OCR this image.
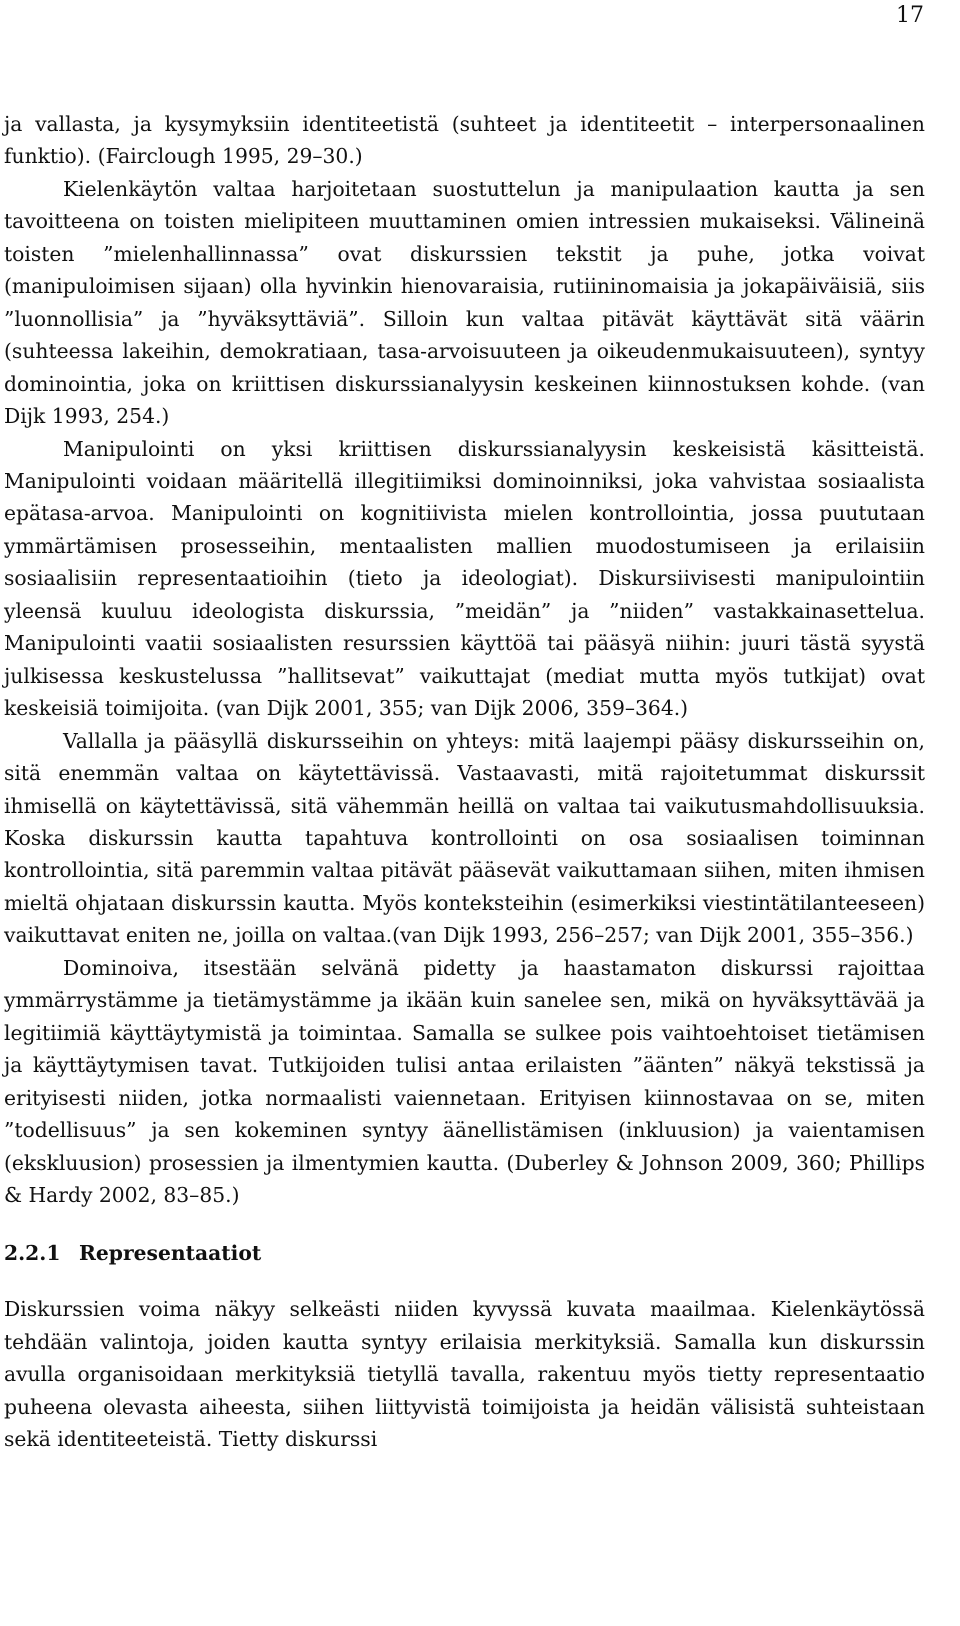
17

ja vallasta, ja kysymyksiin identiteetistä (suhteet ja identiteetit – interpersonaalinen funktio). (Fairclough 1995, 29–30.)

Kielenkäytön valtaa harjoitetaan suostuttelun ja manipulaation kautta ja sen tavoitteena on toisten mielipiteen muuttaminen omien intressien mukaiseksi. Välineinä toisten ”mielenhallinnassa” ovat diskurssien tekstit ja puhe, jotka voivat (manipuloimisen sijaan) olla hyvinkin hienovaraisia, rutiininomaisia ja jokapäiväisiä, siis ”luonnollisia” ja ”hyväksyttäviä”. Silloin kun valtaa pitävät käyttävät sitä väärin (suhteessa lakeihin, demokratiaan, tasa-arvoisuuteen ja oikeudenmukaisuuteen), syntyy dominointia, joka on kriittisen diskurssianalyysin keskeinen kiinnostuksen kohde. (van Dijk 1993, 254.)

Manipulointi on yksi kriittisen diskurssianalyysin keskeisistä käsitteistä. Manipulointi voidaan määritellä illegitiimiksi dominoinniksi, joka vahvistaa sosiaalista epätasa-arvoa. Manipulointi on kognitiivista mielen kontrollointia, jossa puututaan ymmärtämisen prosesseihin, mentaalisten mallien muodostumiseen ja erilaisiin sosiaalisiin representaatioihin (tieto ja ideologiat). Diskursiivisesti manipulointiin yleensä kuuluu ideologista diskurssia, ”meidän” ja ”niiden” vastakkainasettelua. Manipulointi vaatii sosiaalisten resurssien käyttöä tai pääsyä niihin: juuri tästä syystä julkisessa keskustelussa ”hallitsevat” vaikuttajat (mediat mutta myös tutkijat) ovat keskeisiä toimijoita. (van Dijk 2001, 355; van Dijk 2006, 359–364.)

Vallalla ja pääsyllä diskursseihin on yhteys: mitä laajempi pääsy diskursseihin on, sitä enemmän valtaa on käytettävissä. Vastaavasti, mitä rajoitetummat diskurssit ihmisellä on käytettävissä, sitä vähemmän heillä on valtaa tai vaikutusmahdollisuuksia. Koska diskurssin kautta tapahtuva kontrollointi on osa sosiaalisen toiminnan kontrollointia, sitä paremmin valtaa pitävät pääsevät vaikuttamaan siihen, miten ihmisen mieltä ohjataan diskurssin kautta. Myös konteksteihin (esimerkiksi viestintätilanteeseen) vaikuttavat eniten ne, joilla on valtaa.(van Dijk 1993, 256–257; van Dijk 2001, 355–356.)

Dominoiva, itsestään selvänä pidetty ja haastamaton diskurssi rajoittaa ymmärrystämme ja tietämystämme ja ikään kuin sanelee sen, mikä on hyväksyttävää ja legitiimiä käyttäytymistä ja toimintaa. Samalla se sulkee pois vaihtoehtoiset tietämisen ja käyttäytymisen tavat. Tutkijoiden tulisi antaa erilaisten ”äänten” näkyä tekstissä ja erityisesti niiden, jotka normaalisti vaiennetaan. Erityisen kiinnostavaa on se, miten ”todellisuus” ja sen kokeminen syntyy äänellistämisen (inkluusion) ja vaientamisen (ekskluusion) prosessien ja ilmentymien kautta. (Duberley & Johnson 2009, 360; Phillips & Hardy 2002, 83–85.)

2.2.1 Representaatiot

Diskurssien voima näkyy selkeästi niiden kyvyssä kuvata maailmaa. Kielenkäytössä tehdään valintoja, joiden kautta syntyy erilaisia merkityksiä. Samalla kun diskurssin avulla organisoidaan merkityksiä tietyllä tavalla, rakentuu myös tietty representaatio puheena olevasta aiheesta, siihen liittyvistä toimijoista ja heidän välisistä suhteistaan sekä identiteeteistä. Tietty diskurssi
